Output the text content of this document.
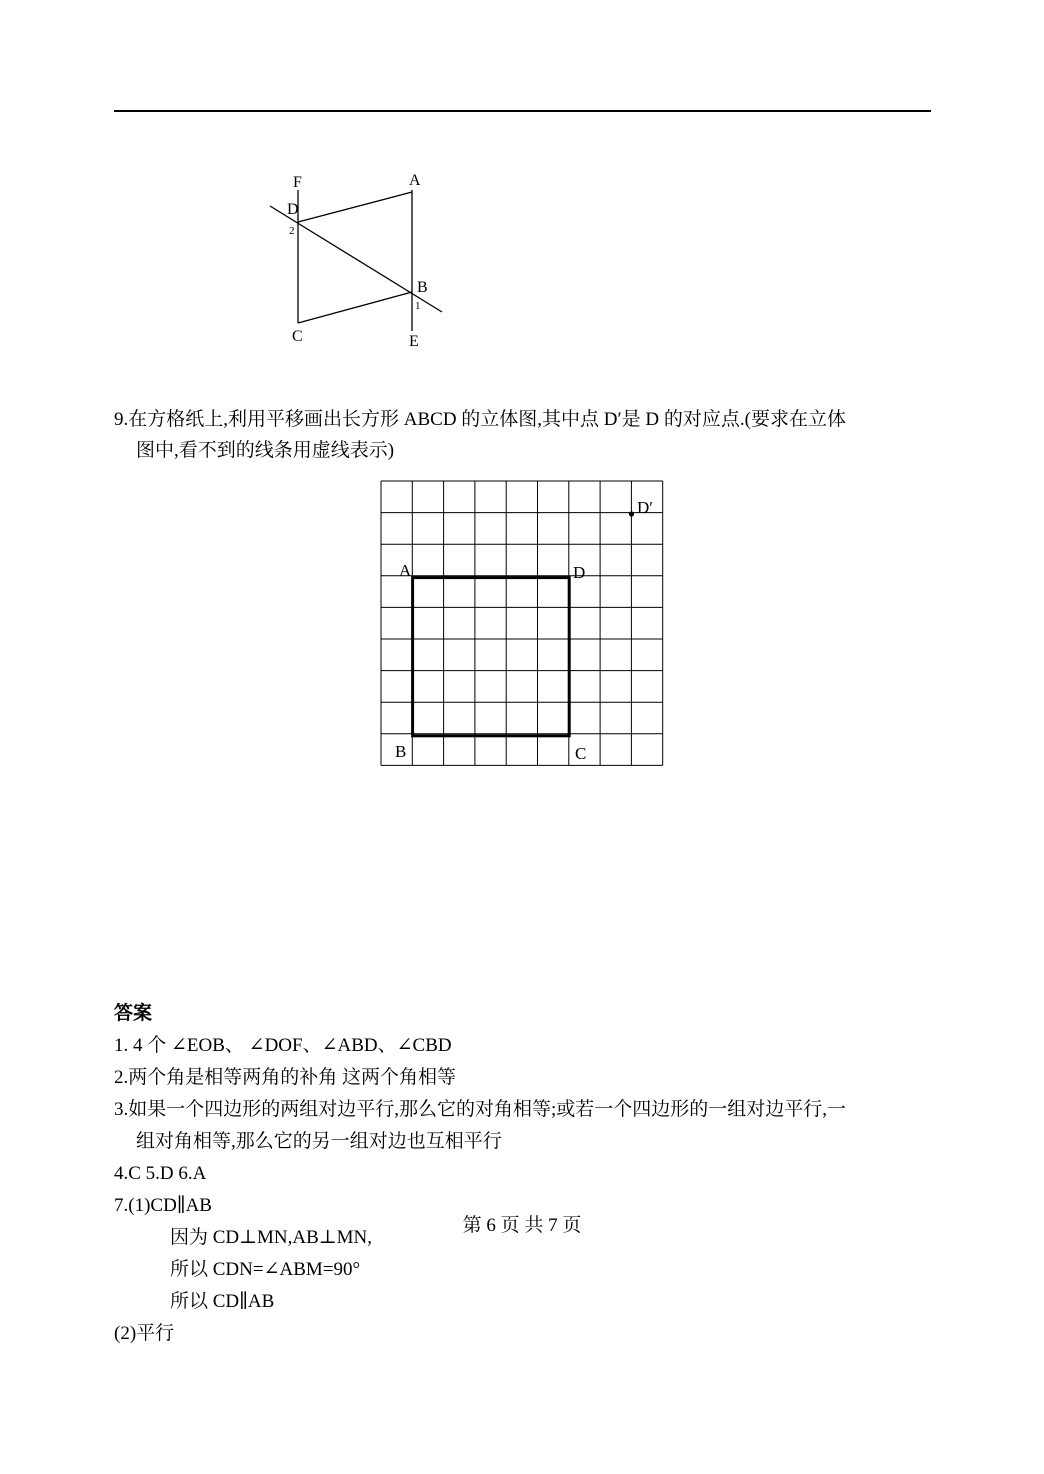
F	A
D
2
B
1
C	E
9.在方格纸上,利用平移画出长方形 ABCD 的立体图,其中点 D′是 D 的对应点.(要求在立体
图中,看不到的线条用虚线表示)
A	D
B	C
D′
答案
1. 4 个 ∠EOB、 ∠DOF、∠ABD、∠CBD
2.两个角是相等两角的补角 这两个角相等
3.如果一个四边形的两组对边平行,那么它的对角相等;或若一个四边形的一组对边平行,一
组对角相等,那么它的另一组对边也互相平行
4.C 5.D 6.A
7.(1)CD∥AB
因为 CD⊥MN,AB⊥MN,
所以 CDN=∠ABM=90°
所以 CD∥AB
(2)平行
第 6 页 共 7 页
